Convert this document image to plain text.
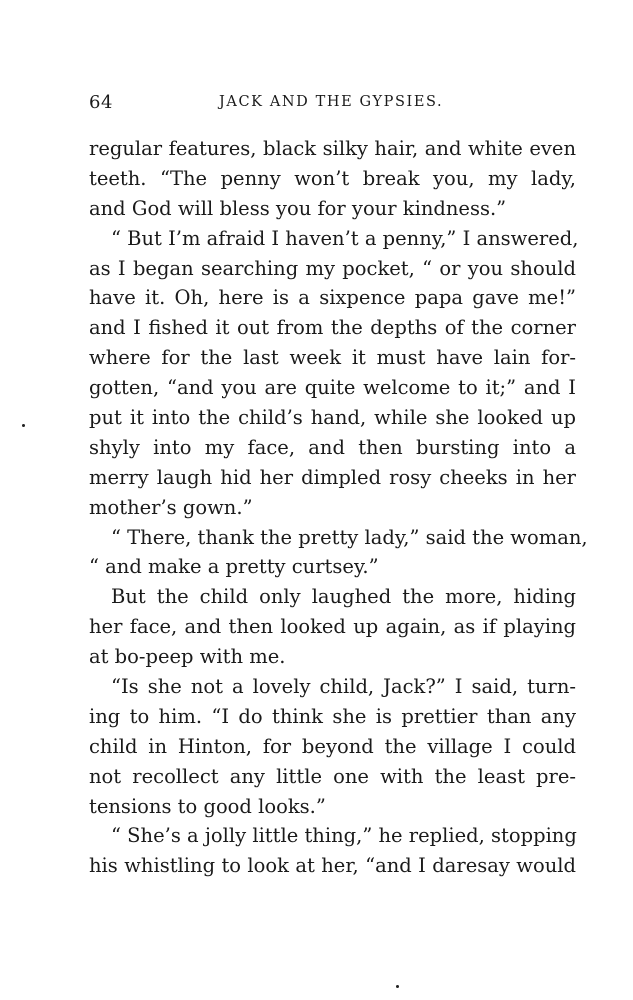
64	JACK AND THE GYPSIES.
regular features, black silky hair, and white even
teeth. “The penny won’t break you, my lady,
and God will bless you for your kindness.”
“ But I’m afraid I haven’t a penny,” I answered,
as I began searching my pocket, “ or you should
have it. Oh, here is a sixpence papa gave me!”
and I fished it out from the depths of the corner
where for the last week it must have lain for-
gotten, “and you are quite welcome to it;” and I
put it into the child’s hand, while she looked up
shyly into my face, and then bursting into a
merry laugh hid her dimpled rosy cheeks in her
mother’s gown.”
“ There, thank the pretty lady,” said the woman,
“ and make a pretty curtsey.”
But the child only laughed the more, hiding
her face, and then looked up again, as if playing
at bo-peep with me.
“Is she not a lovely child, Jack?” I said, turn-
ing to him. “I do think she is prettier than any
child in Hinton, for beyond the village I could
not recollect any little one with the least pre-
tensions to good looks.”
“ She’s a jolly little thing,” he replied, stopping
his whistling to look at her, “and I daresay would
